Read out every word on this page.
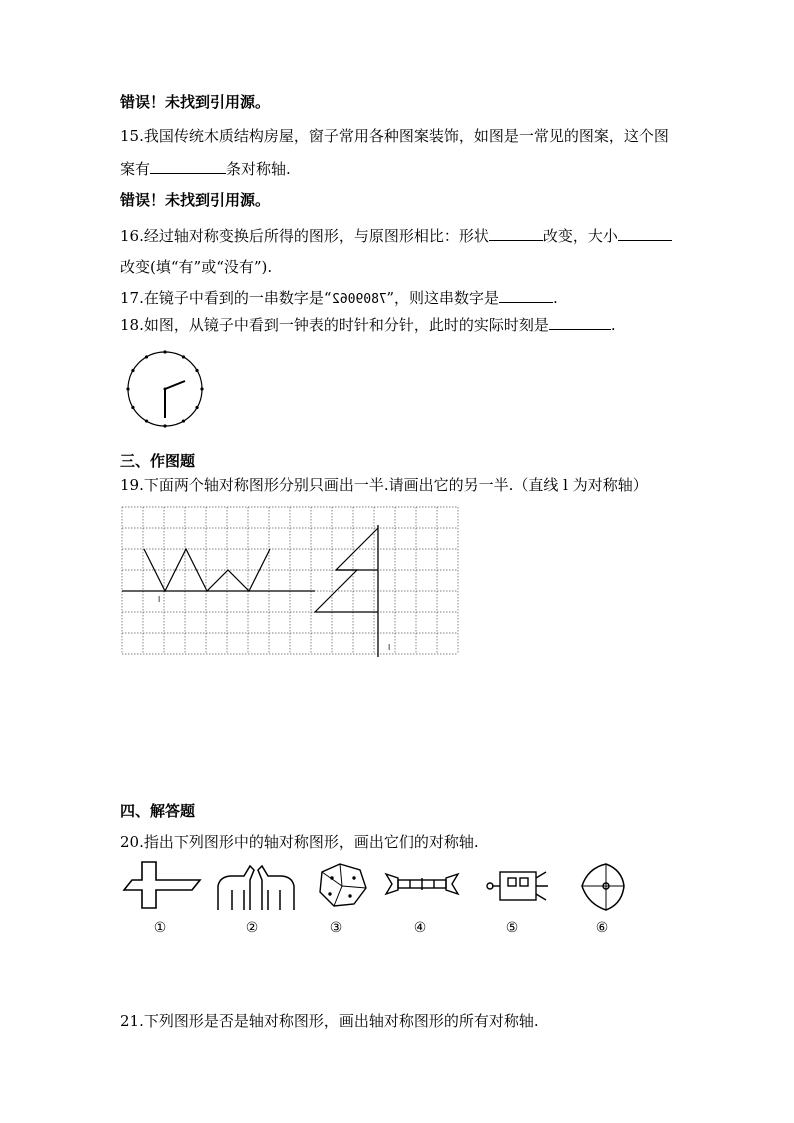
错误！未找到引用源。
15.我国传统木质结构房屋，窗子常用各种图案装饰，如图是一常见的图案，这个图
案有	条对称轴.
错误！未找到引用源。
16.经过轴对称变换后所得的图形，与原图形相比：形状	改变，大小
改变(填“有”或“没有”).
17.在镜子中看到的一串数字是“7809062”，则这串数字是	.
18.如图，从镜子中看到一钟表的时针和分针，此时的实际时刻是	.
三、作图题
19.下面两个轴对称图形分别只画出一半.请画出它的另一半.（直线 l 为对称轴）
l
l
四、解答题
20.指出下列图形中的轴对称图形，画出它们的对称轴.
①	②	③	④	⑤	⑥
21.下列图形是否是轴对称图形，画出轴对称图形的所有对称轴.
